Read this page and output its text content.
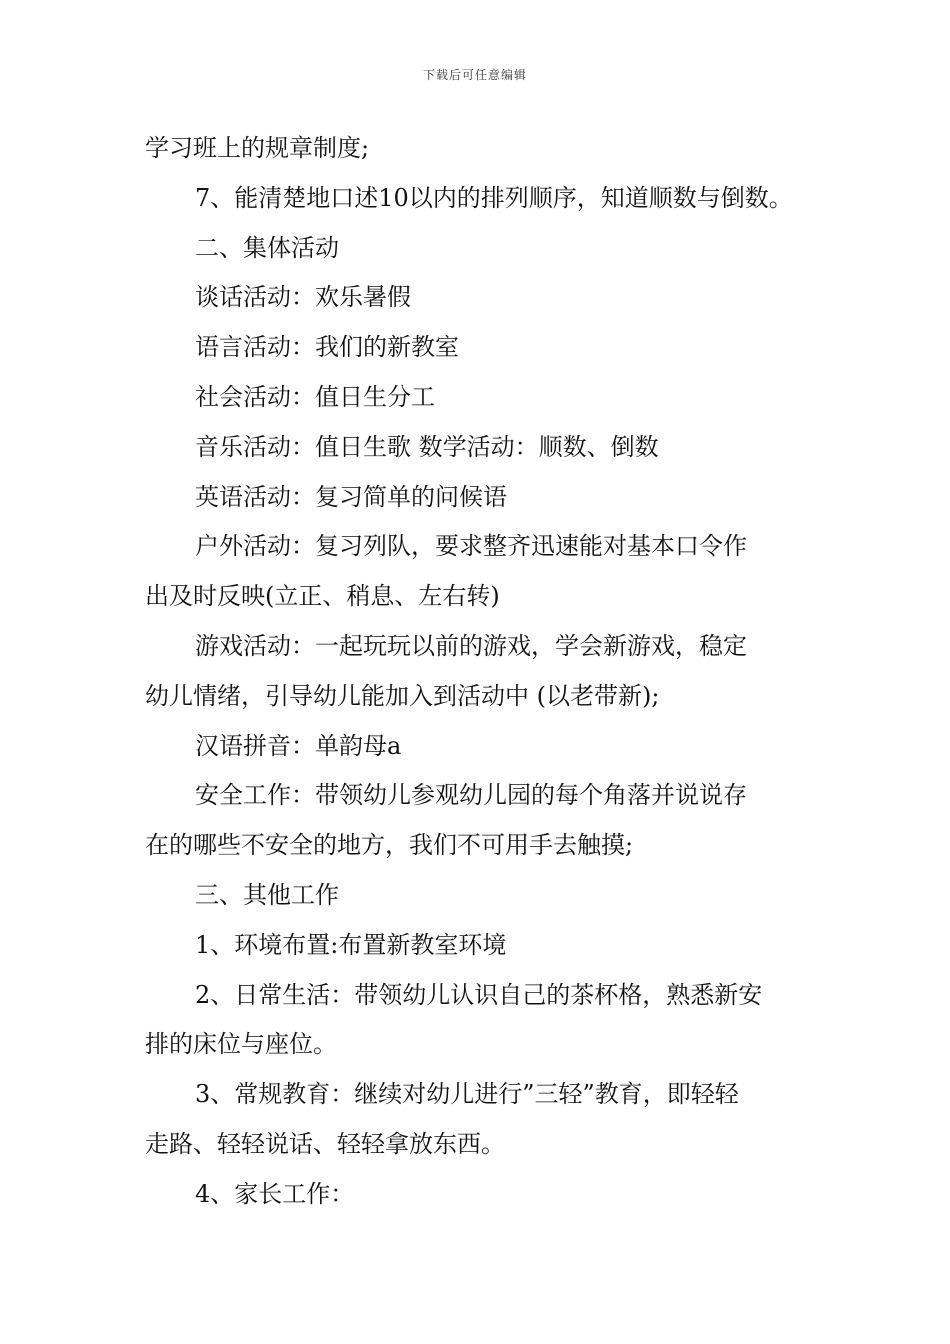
下载后可任意编辑
学习班上的规章制度;
7、能清楚地口述10以内的排列顺序，知道顺数与倒数。
二、集体活动
谈话活动：欢乐暑假
语言活动：我们的新教室
社会活动：值日生分工
音乐活动：值日生歌 数学活动：顺数、倒数
英语活动：复习简单的问候语
户外活动：复习列队，要求整齐迅速能对基本口令作
出及时反映(立正、稍息、左右转)
游戏活动：一起玩玩以前的游戏，学会新游戏，稳定
幼儿情绪，引导幼儿能加入到活动中 (以老带新);
汉语拼音：单韵母a
安全工作：带领幼儿参观幼儿园的每个角落并说说存
在的哪些不安全的地方，我们不可用手去触摸;
三、其他工作
1、环境布置:布置新教室环境
2、日常生活：带领幼儿认识自己的茶杯格，熟悉新安
排的床位与座位。
3、常规教育：继续对幼儿进行”三轻”教育，即轻轻
走路、轻轻说话、轻轻拿放东西。
4、家长工作：
